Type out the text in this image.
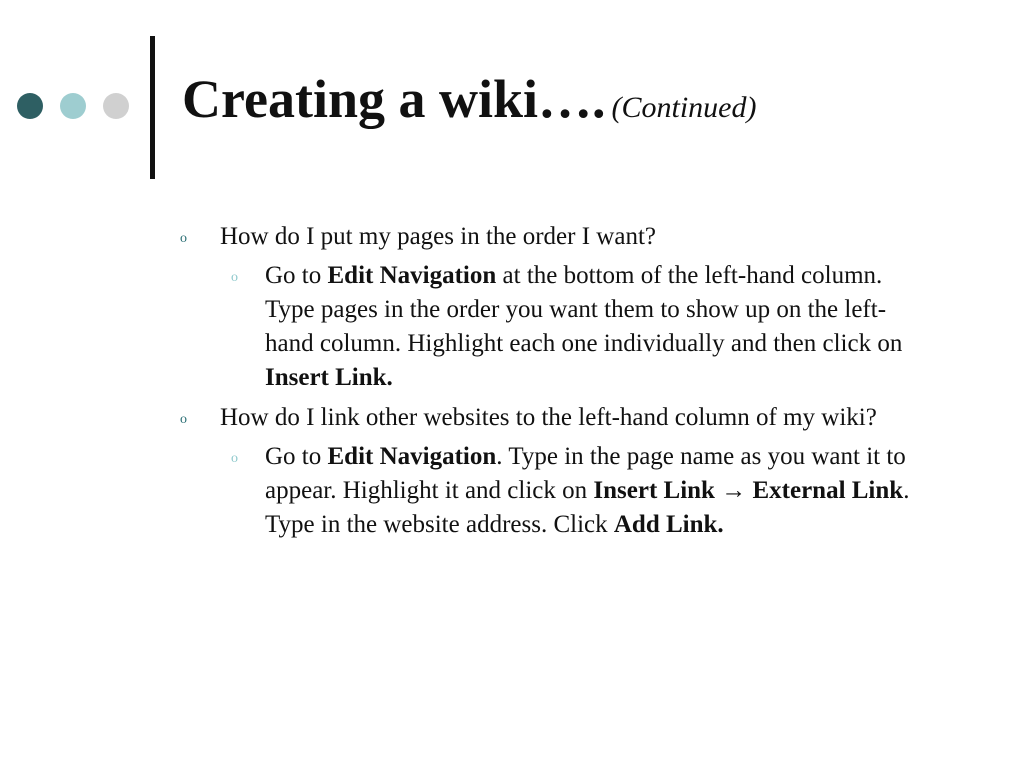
Creating a wiki…. (Continued)
o How do I put my pages in the order I want?
o Go to Edit Navigation at the bottom of the left-hand column. Type pages in the order you want them to show up on the left-hand column. Highlight each one individually and then click on Insert Link.
o How do I link other websites to the left-hand column of my wiki?
o Go to Edit Navigation. Type in the page name as you want it to appear. Highlight it and click on Insert Link → External Link. Type in the website address. Click Add Link.
